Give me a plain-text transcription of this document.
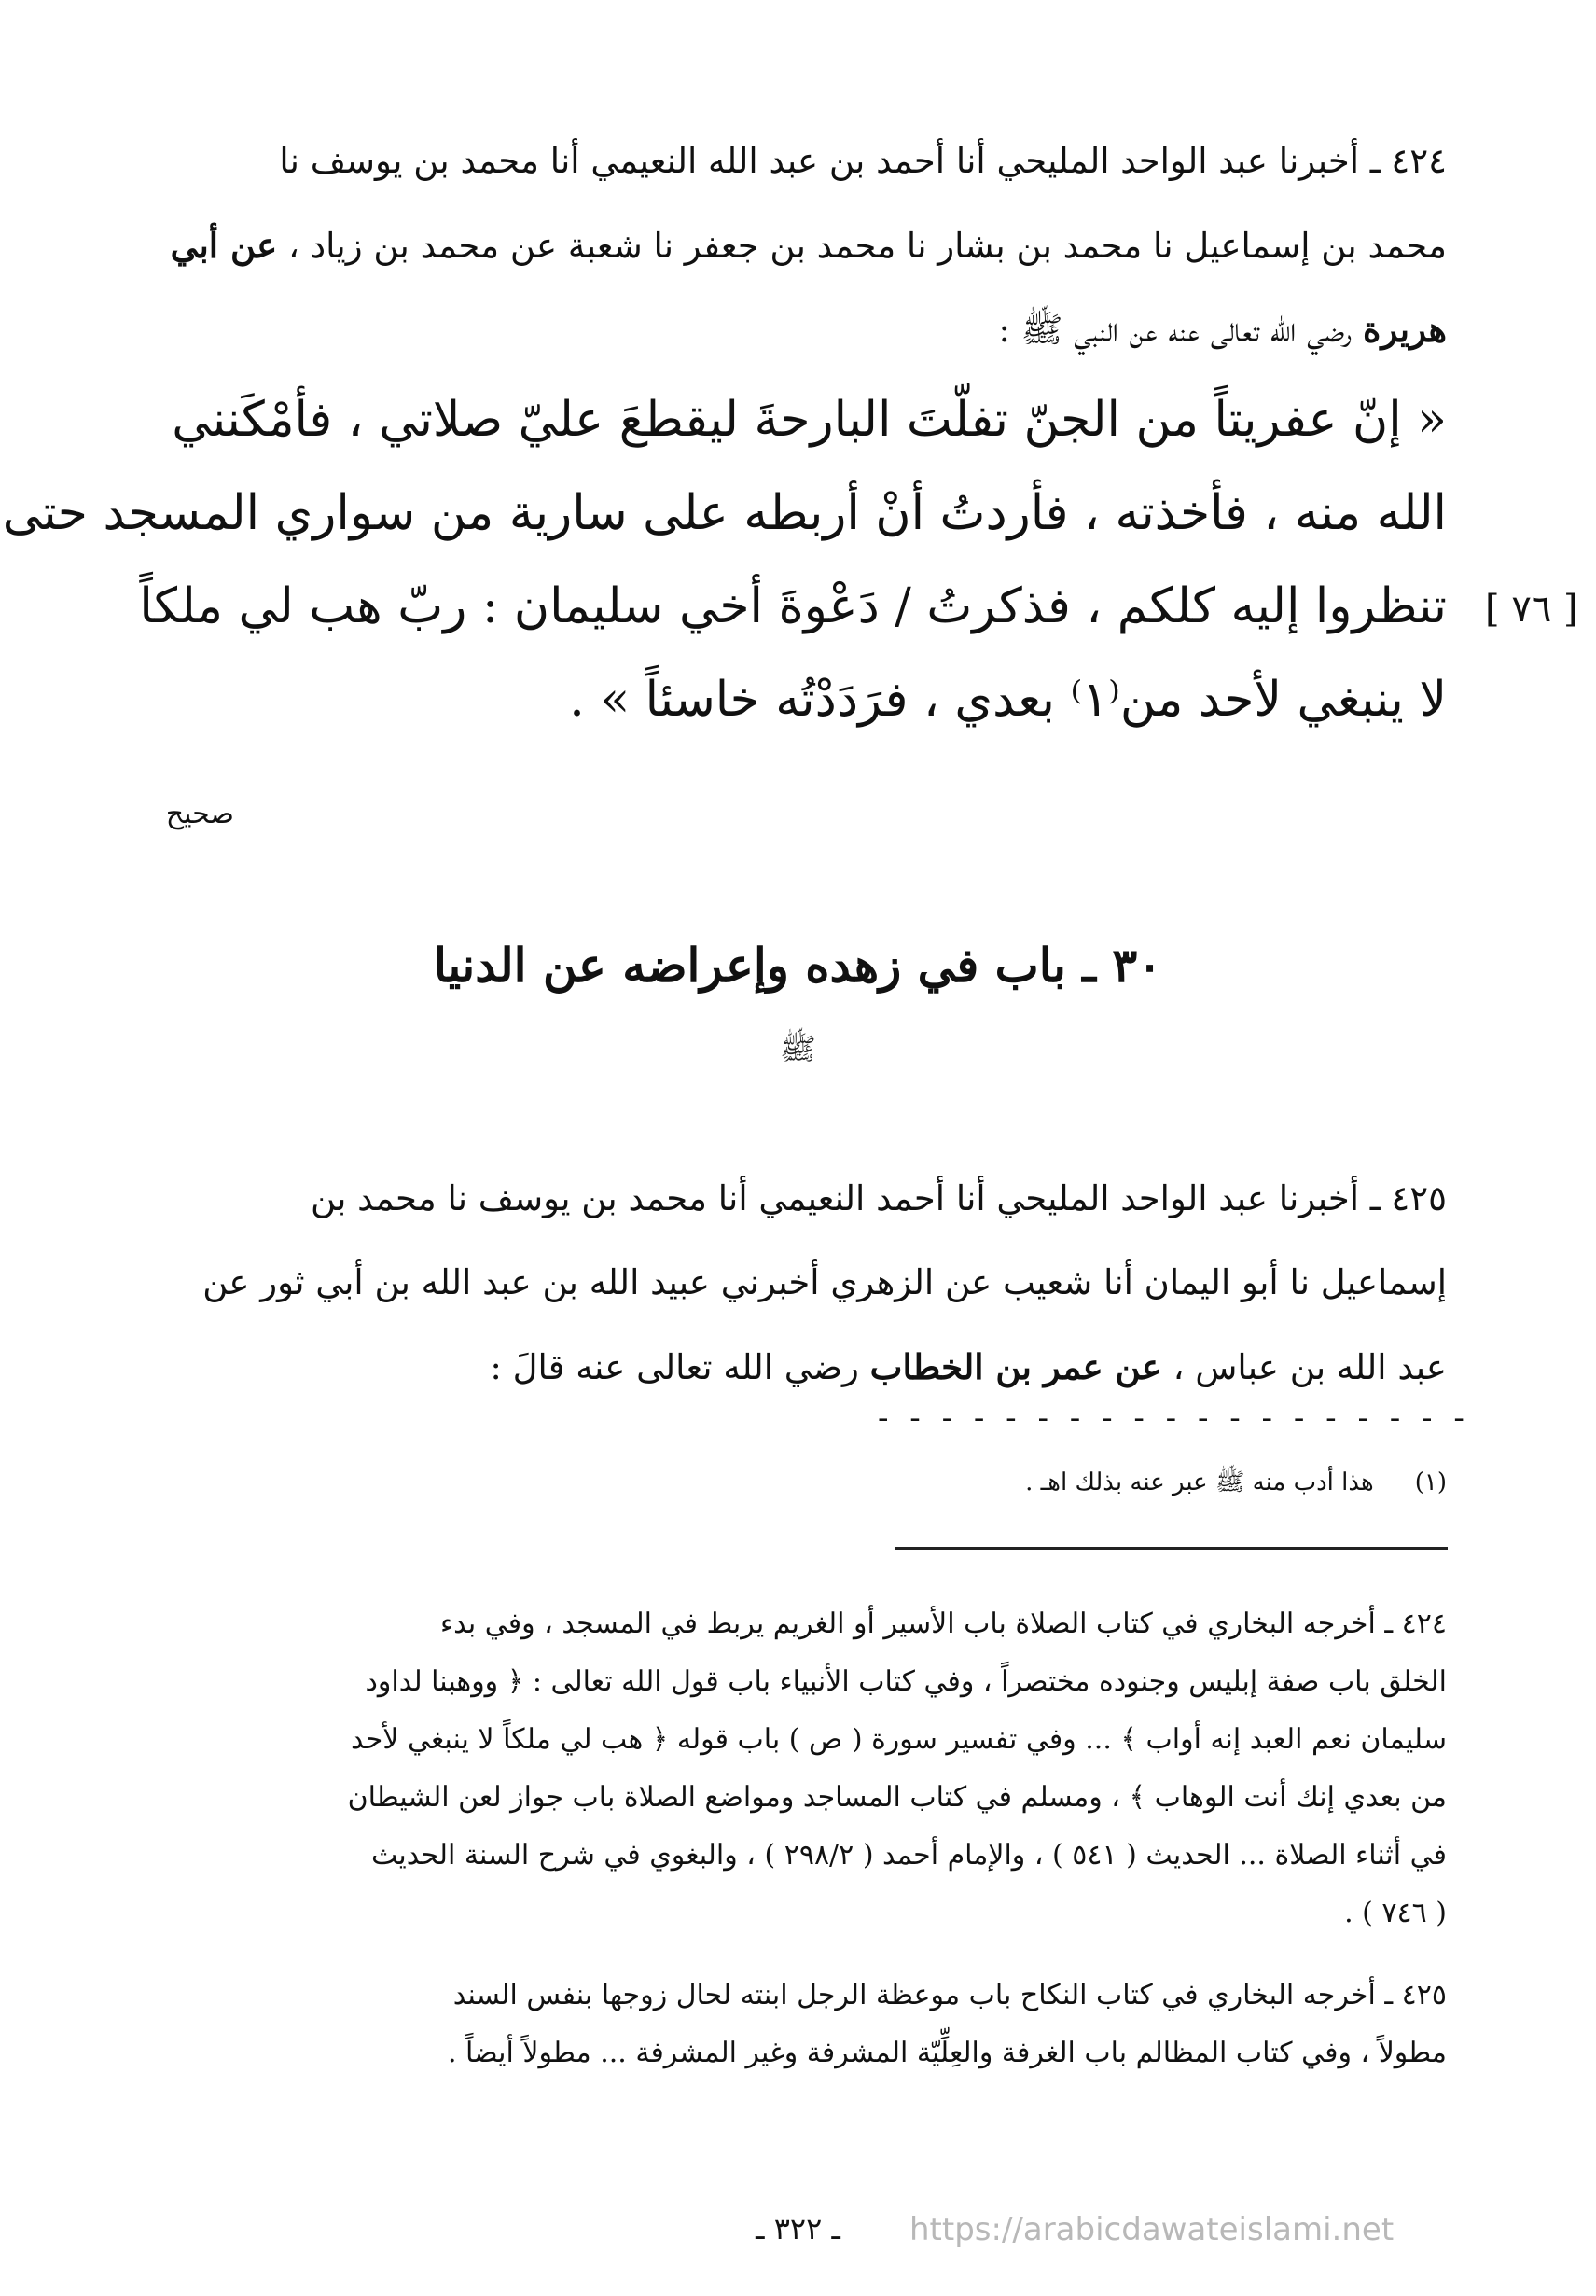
٤٢٤ ـ أخبرنا عبد الواحد المليحي أنا أحمد بن عبد الله النعيمي أنا محمد بن يوسف نا
محمد بن إسماعيل نا محمد بن بشار نا محمد بن جعفر نا شعبة عن محمد بن زياد ، عن أبي
هريرة رضي الله تعالى عنه عن النبي ﷺ :
« إنّ عفريتاً من الجنّ تفلّتَ البارحةَ ليقطعَ عليّ صلاتي ، فأمْكَنني
الله منه ، فأخذته ، فأردتُ أنْ أربطه على سارية من سواري المسجد حتى
تنظروا إليه كلكم ، فذكرتُ / دَعْوةَ أخي سليمان : ربّ هب لي ملكاً
لا ينبغي لأحد من⁽١⁾ بعدي ، فرَدَدْتُه خاسئاً » .
[ ٧٦ ]
صحيح
٣٠ ـ باب في زهده وإعراضه عن الدنيا
ﷺ
٤٢٥ ـ أخبرنا عبد الواحد المليحي أنا أحمد النعيمي أنا محمد بن يوسف نا محمد بن
إسماعيل نا أبو اليمان أنا شعيب عن الزهري أخبرني عبيد الله بن عبد الله بن أبي ثور عن
عبد الله بن عباس ، عن عمر بن الخطاب رضي الله تعالى عنه قالَ :
- - - - - - - - - - - - - - - - - - -
(١) هذا أدب منه ﷺ عبر عنه بذلك اهـ .
٤٢٤ ـ أخرجه البخاري في كتاب الصلاة باب الأسير أو الغريم يربط في المسجد ، وفي بدء
الخلق باب صفة إبليس وجنوده مختصراً ، وفي كتاب الأنبياء باب قول الله تعالى : ﴿ ووهبنا لداود
سليمان نعم العبد إنه أواب ﴾ ... وفي تفسير سورة ( ص ) باب قوله ﴿ هب لي ملكاً لا ينبغي لأحد
من بعدي إنك أنت الوهاب ﴾ ، ومسلم في كتاب المساجد ومواضع الصلاة باب جواز لعن الشيطان
في أثناء الصلاة ... الحديث ( ٥٤١ ) ، والإمام أحمد ( ٢٩٨/٢ ) ، والبغوي في شرح السنة الحديث
( ٧٤٦ ) .
٤٢٥ ـ أخرجه البخاري في كتاب النكاح باب موعظة الرجل ابنته لحال زوجها بنفس السند
مطولاً ، وفي كتاب المظالم باب الغرفة والعِلِّيّة المشرفة وغير المشرفة ... مطولاً أيضاً .
ـ ٣٢٢ ـ	https://arabicdawateislami.net
